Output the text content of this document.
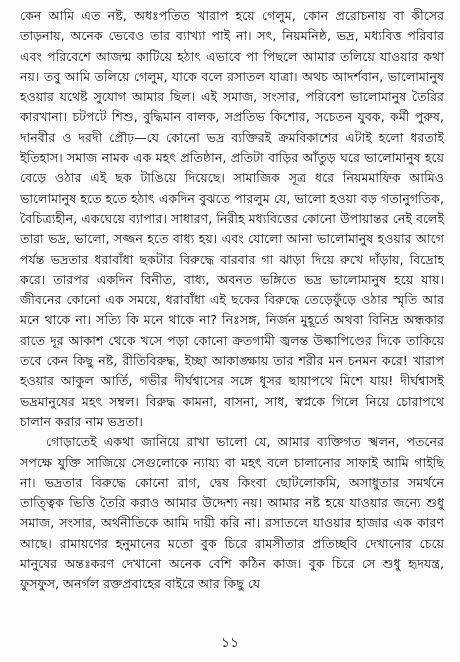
কেন আমি এত নষ্ট, অধঃপতিত খারাপ হয়ে গেলুম, কোন প্ররোচনায় বা কীসের তাড়নায়, অনেক ভেবেও তার ব্যাখ্যা পাই না। সৎ, নিয়মনিষ্ঠ, ভদ্র, মধ্যবিত্ত পরিবার এবং পরিবেশে আজন্ম কাটিয়ে হঠাৎ এভাবে পা পিছলে আমার তলিয়ে যাওয়ার কথা নয়। তবু আমি তলিয়ে গেলুম, যাকে বলে রসাতল যাত্রা। অথচ আদর্শবান, ভালোমানুষ হওয়ার যথেষ্ট সুযোগ আমার ছিল। এই সমাজ, সংসার, পরিবেশ ভালোমানুষ তৈরির কারখানা। চটপটে শিশু, বুদ্ধিমান বালক, সপ্রতিভ কিশোর, সচেতন যুবক, কর্মী পুরুষ, দানবীর ও দরদী প্রৌঢ়—যে কোনো ভদ্র ব্যক্তিরই ক্রমবিকাশের এটাই হলো ধরতাই ইতিহাস। সমাজ নামক এক মহৎ প্রতিষ্ঠান, প্রতিটা বাড়ির আঁতুড় ঘরে ভালোমানুষ হয়ে বেড়ে ওঠার এই ছক টাঙিয়ে দিয়েছে। সামাজিক সূত্র ধরে নিয়মমাফিক আমিও ভালোমানুষ হতে হতে হঠাৎ একদিন বুঝতে পারলুম যে, ভালো হওয়া বড় গতানুগতিক, বৈচিত্র্যহীন, একঘেয়ে ব্যাপার। সাধারণ, নিরীহ মধ্যবিত্তের কোনো উপায়ান্তর নেই বলেই তারা ভদ্র, ভালো, সজ্জন হতে বাধ্য হয়। এবং যোলো আনা ভালোমানুষ হওয়ার আগে পর্যন্ত ভদ্রতার ধরাবাঁধা ছকটার বিরুদ্ধে বারবার গা ঝাড়া দিয়ে রুখে দাঁড়ায়, বিদ্রোহ করে। তারপর একদিন বিনীত, বাধ্য, অবনত ভঙ্গিতে ভদ্র ভালোমানুষ হয়ে যায়। জীবনের কোনো এক সময়ে, ধরাবাঁধা এই ছকের বিরুদ্ধে তেড়েফুঁড়ে ওঠার স্মৃতি আর মনে থাকে না। সত্যি কি মনে থাকে না? নিঃসঙ্গ, নির্জন মুহূর্তে অথবা বিনিদ্র অন্ধকার রাতে দূর আকাশ থেকে খসে পড়া কোনো ক্রতগামী জ্বলন্ত উল্কাপিণ্ডের দিকে তাকিয়ে তবে কেন কিছু নষ্ট, রীতিবিরুদ্ধ, ইচ্ছা আকাঙ্ক্ষায় তার শরীর মন চনমন করে! খারাপ হওয়ার আকুল আর্তি, গভীর দীর্ঘশ্বাসের সঙ্গে ধূসর ছায়াপথে মিশে যায়! দীর্ঘশ্বাসই ভদ্রমানুষের মহৎ সম্বল। বিরুদ্ধ কামনা, বাসনা, সাধ, স্বপ্নকে গিলে নিয়ে চোরাপথে চালান করার নাম ভদ্রতা।

গোড়াতেই একথা জানিয়ে রাখা ভালো যে, আমার ব্যক্তিগত স্খলন, পতনের সপক্ষে যুক্তি সাজিয়ে সেগুলোকে ন্যায্য বা মহৎ বলে চালানোর সাফাই আমি গাইছি না। ভদ্রতার বিরুদ্ধে কোনো রাগ, দ্বেষ কিংবা ছোটলোকমি, অসাধুতার সমর্থনে তাত্ত্বিক ভিত্তি তৈরি করাও আমার উদ্দেশ্য নয়। আমার নষ্ট হয়ে যাওয়ার জন্যে শুধু সমাজ, সংসার, অর্থনীতিকে আমি দায়ী করি না। রসাতলে যাওয়ার হাজার এক কারণ আছে। রামায়ণের হনুমানের মতো বুক চিরে রামসীতার প্রতিচ্ছবি দেখানোর চেয়ে মানুষের অন্তঃকরণ দেখানো অনেক বেশি কঠিন কাজ। বুক চিরে সে শুধু হৃদযন্ত্র, ফুসফুস, অনর্গল রক্তপ্রবাহের বাইরে আর কিছু যে

১১
